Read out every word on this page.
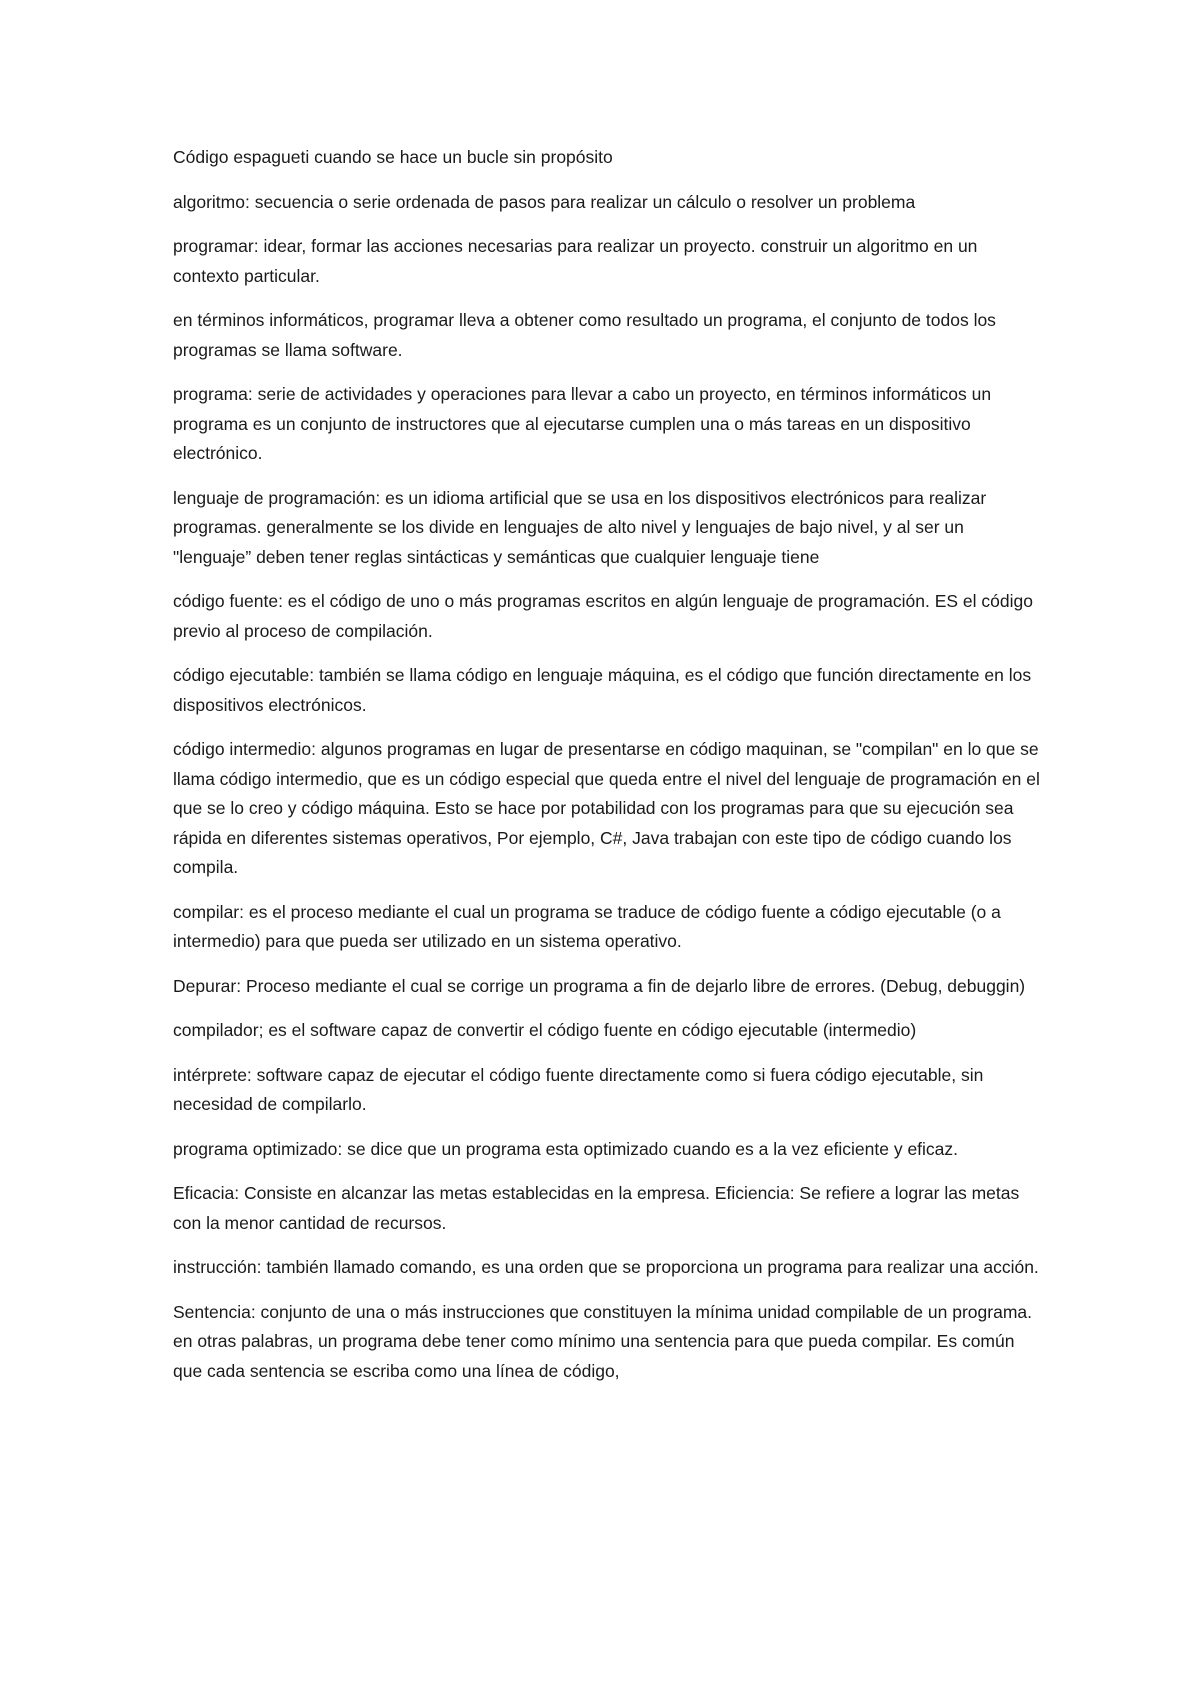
Código espagueti cuando se hace un bucle sin propósito

algoritmo: secuencia o serie ordenada de pasos para realizar un cálculo o resolver un problema

programar: idear, formar las acciones necesarias para realizar un proyecto. construir un algoritmo en un contexto particular.

en términos informáticos, programar lleva a obtener como resultado un programa, el conjunto de todos los programas se llama software.

programa: serie de actividades y operaciones para llevar a cabo un proyecto, en términos informáticos un programa es un conjunto de instructores que al ejecutarse cumplen una o más tareas en un dispositivo electrónico.

lenguaje de programación: es un idioma artificial que se usa en los dispositivos electrónicos para realizar programas. generalmente se los divide en lenguajes de alto nivel y lenguajes de bajo nivel, y al ser un "lenguaje” deben tener reglas sintácticas y semánticas que cualquier lenguaje tiene

código fuente: es el código de uno o más programas escritos en algún lenguaje de programación. ES el código previo al proceso de compilación.

código ejecutable: también se llama código en lenguaje máquina, es el código que función directamente en los dispositivos electrónicos.

código intermedio: algunos programas en lugar de presentarse en código maquinan, se "compilan" en lo que se llama código intermedio, que es un código especial que queda entre el nivel del lenguaje de programación en el que se lo creo y código máquina. Esto se hace por potabilidad con los programas para que su ejecución sea rápida en diferentes sistemas operativos, Por ejemplo, C#, Java trabajan con este tipo de código cuando los compila.

compilar: es el proceso mediante el cual un programa se traduce de código fuente a código ejecutable (o a intermedio) para que pueda ser utilizado en un sistema operativo.

Depurar: Proceso mediante el cual se corrige un programa a fin de dejarlo libre de errores. (Debug, debuggin)

compilador; es el software capaz de convertir el código fuente en código ejecutable (intermedio)

intérprete: software capaz de ejecutar el código fuente directamente como si fuera código ejecutable, sin necesidad de compilarlo.

programa optimizado: se dice que un programa esta optimizado cuando es a la vez eficiente y eficaz.

Eficacia: Consiste en alcanzar las metas establecidas en la empresa. Eficiencia: Se refiere a lograr las metas con la menor cantidad de recursos.

instrucción: también llamado comando, es una orden que se proporciona un programa para realizar una acción.

Sentencia: conjunto de una o más instrucciones que constituyen la mínima unidad compilable de un programa. en otras palabras, un programa debe tener como mínimo una sentencia para que pueda compilar. Es común que cada sentencia se escriba como una línea de código,
